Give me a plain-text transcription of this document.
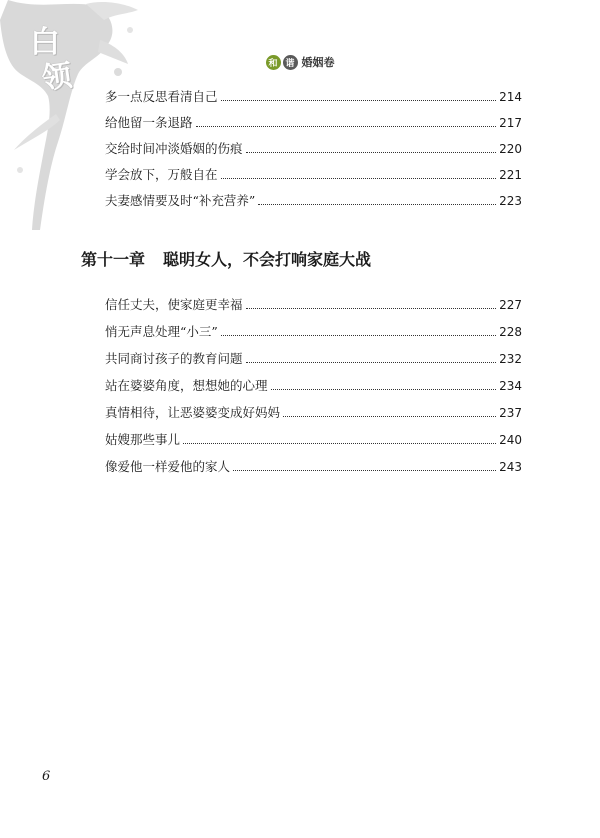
白
领	和 谐 婚姻卷
多一点反思看清自己	214
给他留一条退路	217
交给时间冲淡婚姻的伤痕	220
学会放下，万般自在	221
夫妻感情要及时“补充营养”	223
第十一章 聪明女人，不会打响家庭大战
信任丈夫，使家庭更幸福	227
悄无声息处理“小三”	228
共同商讨孩子的教育问题	232
站在婆婆角度，想想她的心理	234
真情相待，让恶婆婆变成好妈妈	237
姑嫂那些事儿	240
像爱他一样爱他的家人	243
6
